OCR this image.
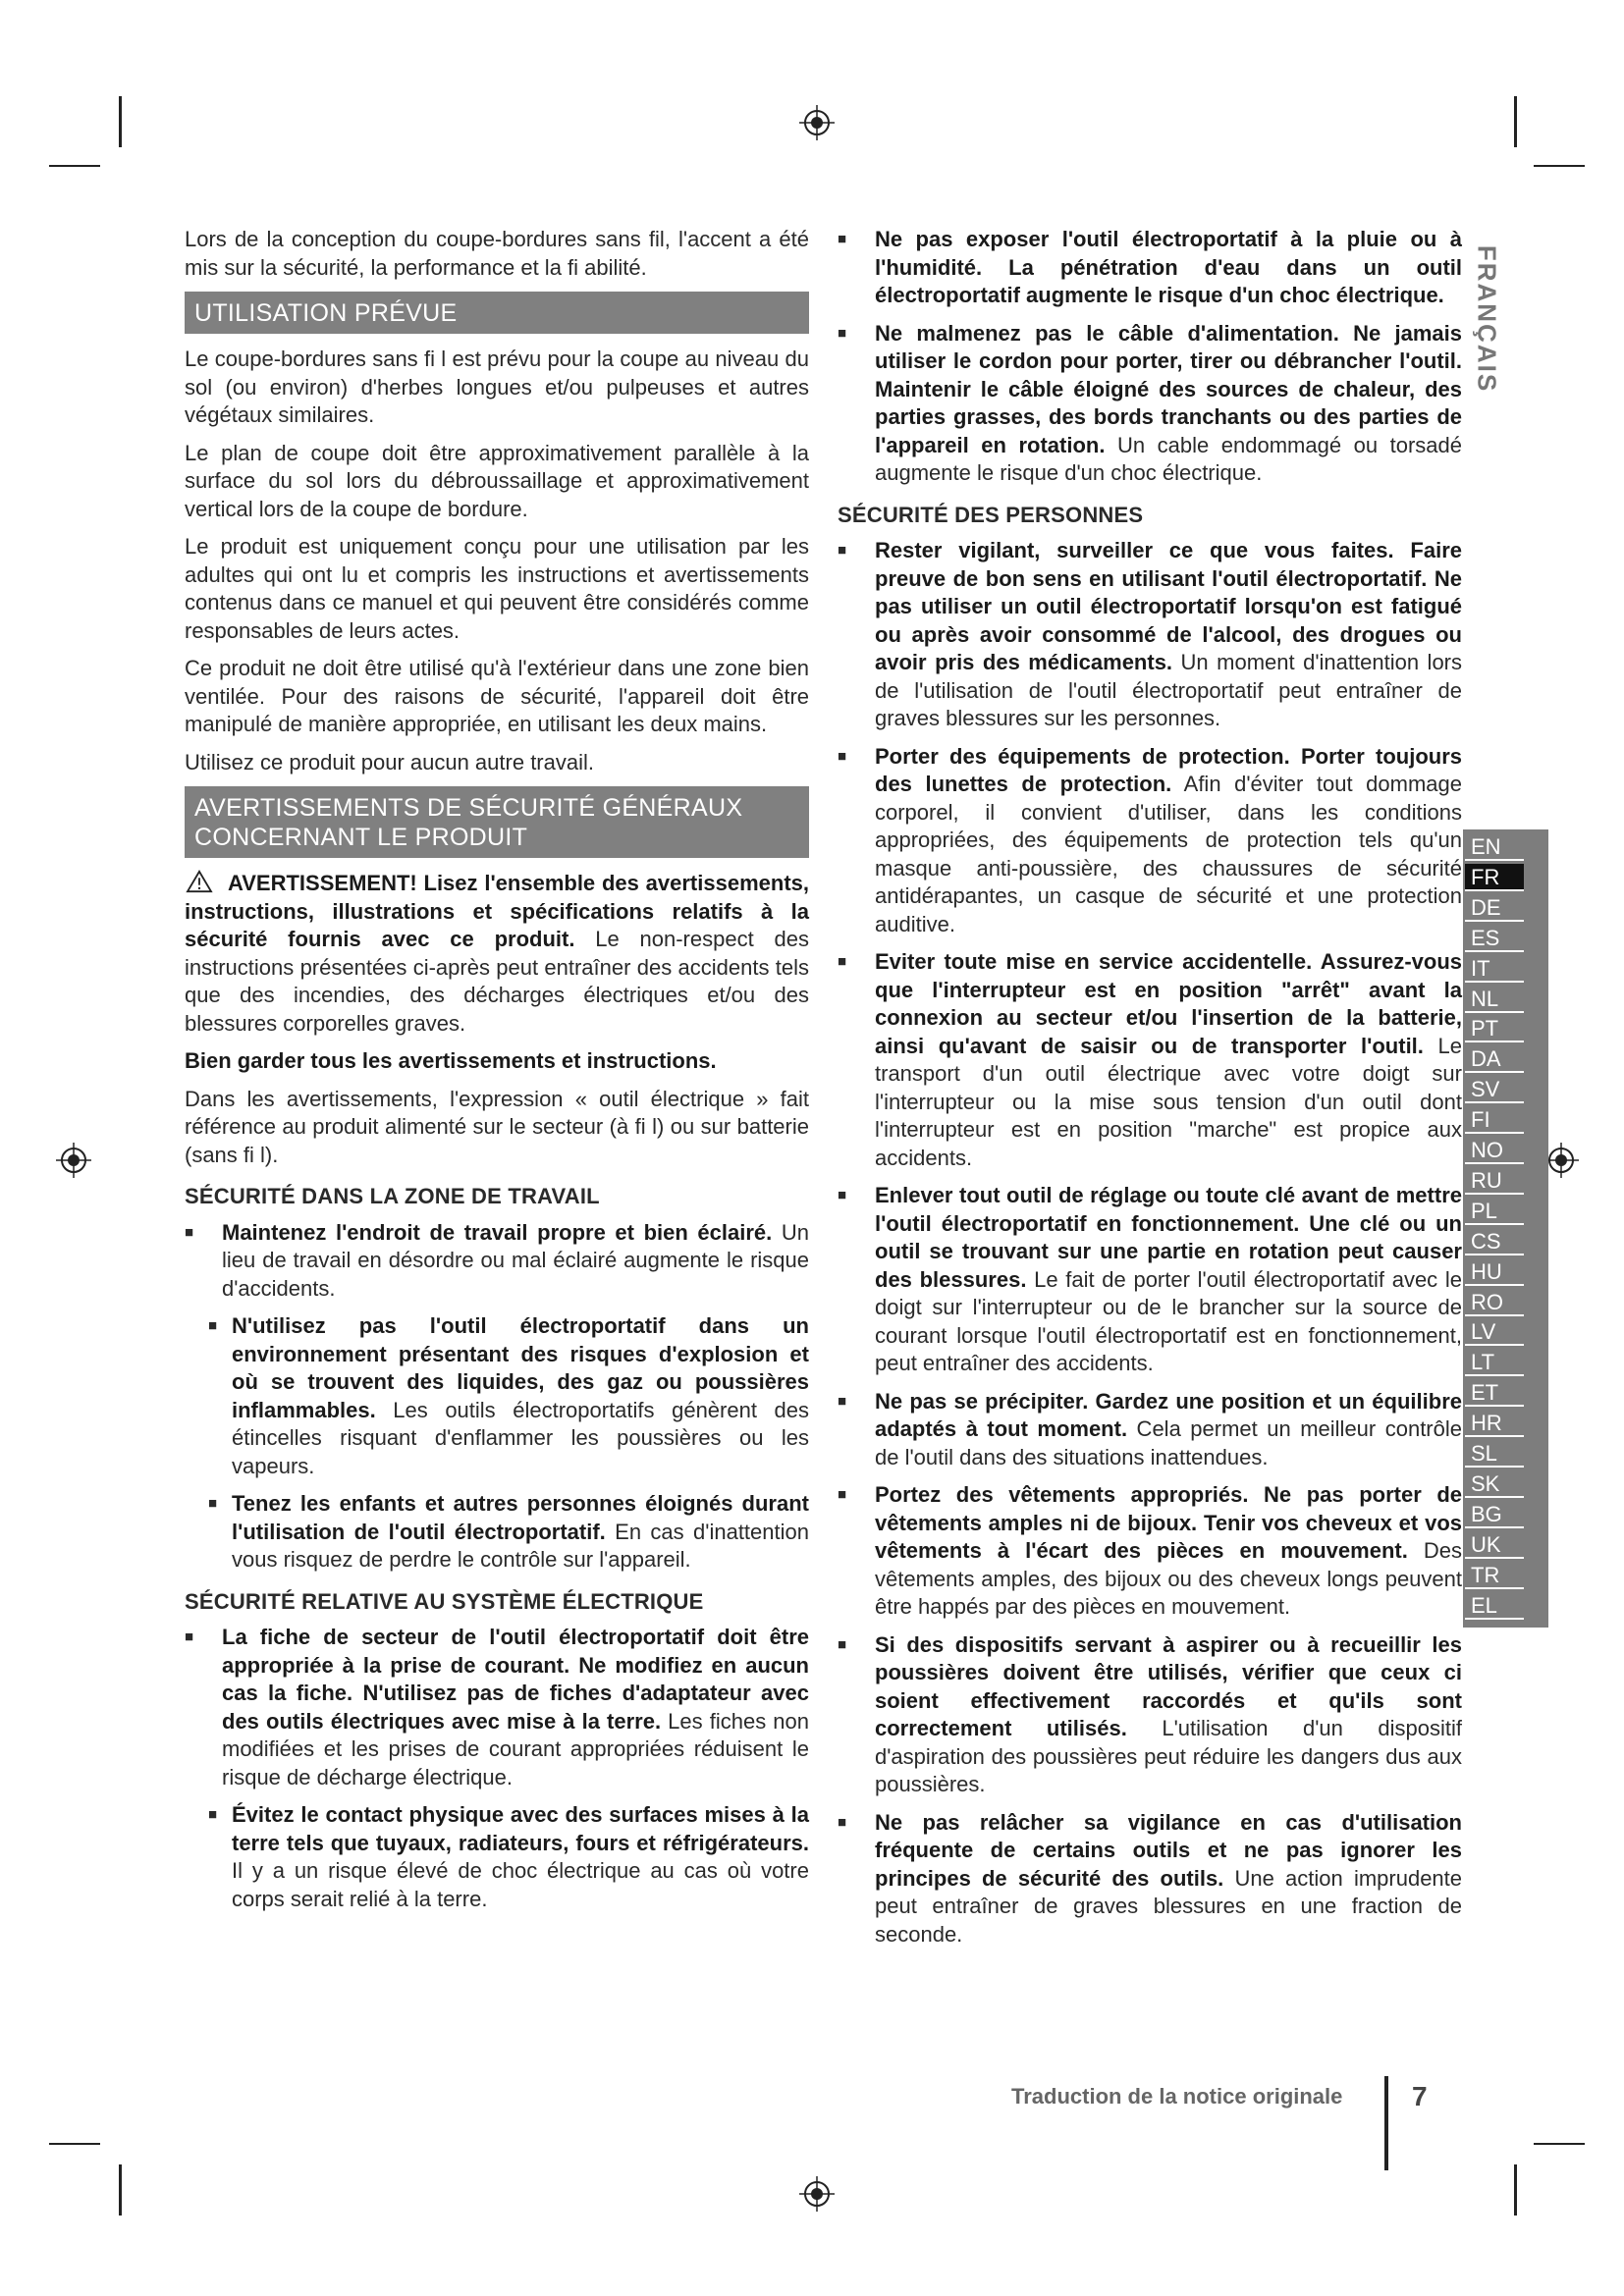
FRANÇAIS
EN
FR
DE
ES
IT
NL
PT
DA
SV
FI
NO
RU
PL
CS
HU
RO
LV
LT
ET
HR
SL
SK
BG
UK
TR
EL

Lors de la conception du coupe-bordures sans fil, l'accent a été mis sur la sécurité, la performance et la fi abilité.

UTILISATION PRÉVUE

Le coupe-bordures sans fi l est prévu pour la coupe au niveau du sol (ou environ) d'herbes longues et/ou pulpeuses et autres végétaux similaires.

Le plan de coupe doit être approximativement parallèle à la surface du sol lors du débroussaillage et approximativement vertical lors de la coupe de bordure.

Le produit est uniquement conçu pour une utilisation par les adultes qui ont lu et compris les instructions et avertissements contenus dans ce manuel et qui peuvent être considérés comme responsables de leurs actes.

Ce produit ne doit être utilisé qu'à l'extérieur dans une zone bien ventilée. Pour des raisons de sécurité, l'appareil doit être manipulé de manière appropriée, en utilisant les deux mains.

Utilisez ce produit pour aucun autre travail.

AVERTISSEMENTS DE SÉCURITÉ GÉNÉRAUX CONCERNANT LE PRODUIT
AVERTISSEMENT! Lisez l'ensemble des avertissements, instructions, illustrations et spécifications relatifs à la sécurité fournis avec ce produit. Le non-respect des instructions présentées ci-après peut entraîner des accidents tels que des incendies, des décharges électriques et/ou des blessures corporelles graves.

Bien garder tous les avertissements et instructions.

Dans les avertissements, l'expression « outil électrique » fait référence au produit alimenté sur le secteur (à fi l) ou sur batterie (sans fi l).

SÉCURITÉ DANS LA ZONE DE TRAVAIL
■	Maintenez l'endroit de travail propre et bien éclairé. Un lieu de travail en désordre ou mal éclairé augmente le risque d'accidents.
■ N'utilisez pas l'outil électroportatif dans un environnement présentant des risques d'explosion et où se trouvent des liquides, des gaz ou poussières inflammables. Les outils électroportatifs génèrent des étincelles risquant d'enflammer les poussières ou les vapeurs.
■ Tenez les enfants et autres personnes éloignés durant l'utilisation de l'outil électroportatif. En cas d'inattention vous risquez de perdre le contrôle sur l'appareil.
SÉCURITÉ RELATIVE AU SYSTÈME ÉLECTRIQUE
■	La fiche de secteur de l'outil électroportatif doit être appropriée à la prise de courant. Ne modifiez en aucun cas la fiche. N'utilisez pas de fiches d'adaptateur avec des outils électriques avec mise à la terre. Les fiches non modifiées et les prises de courant appropriées réduisent le risque de décharge électrique.
■ Évitez le contact physique avec des surfaces mises à la terre tels que tuyaux, radiateurs, fours et réfrigérateurs. Il y a un risque élevé de choc électrique au cas où votre corps serait relié à la terre.
■	Ne pas exposer l'outil électroportatif à la pluie ou à l'humidité. La pénétration d'eau dans un outil électroportatif augmente le risque d'un choc électrique.
■	Ne malmenez pas le câble d'alimentation. Ne jamais utiliser le cordon pour porter, tirer ou débrancher l'outil. Maintenir le câble éloigné des sources de chaleur, des parties grasses, des bords tranchants ou des parties de l'appareil en rotation. Un cable endommagé ou torsadé augmente le risque d'un choc électrique.
SÉCURITÉ DES PERSONNES
■	Rester vigilant, surveiller ce que vous faites. Faire preuve de bon sens en utilisant l'outil électroportatif. Ne pas utiliser un outil électroportatif lorsqu'on est fatigué ou après avoir consommé de l'alcool, des drogues ou avoir pris des médicaments. Un moment d'inattention lors de l'utilisation de l'outil électroportatif peut entraîner de graves blessures sur les personnes.
■	Porter des équipements de protection. Porter toujours des lunettes de protection. Afin d'éviter tout dommage corporel, il convient d'utiliser, dans les conditions appropriées, des équipements de protection tels qu'un masque anti-poussière, des chaussures de sécurité antidérapantes, un casque de sécurité et une protection auditive.
■	Eviter toute mise en service accidentelle. Assurez-vous que l'interrupteur est en position "arrêt" avant la connexion au secteur et/ou l'insertion de la batterie, ainsi qu'avant de saisir ou de transporter l'outil. Le transport d'un outil électrique avec votre doigt sur l'interrupteur ou la mise sous tension d'un outil dont l'interrupteur est en position "marche" est propice aux accidents.
■	Enlever tout outil de réglage ou toute clé avant de mettre l'outil électroportatif en fonctionnement. Une clé ou un outil se trouvant sur une partie en rotation peut causer des blessures. Le fait de porter l'outil électroportatif avec le doigt sur l'interrupteur ou de le brancher sur la source de courant lorsque l'outil électroportatif est en fonctionnement, peut entraîner des accidents.
■	Ne pas se précipiter. Gardez une position et un équilibre adaptés à tout moment. Cela permet un meilleur contrôle de l'outil dans des situations inattendues.
■	Portez des vêtements appropriés. Ne pas porter de vêtements amples ni de bijoux. Tenir vos cheveux et vos vêtements à l'écart des pièces en mouvement. Des vêtements amples, des bijoux ou des cheveux longs peuvent être happés par des pièces en mouvement.
■	Si des dispositifs servant à aspirer ou à recueillir les poussières doivent être utilisés, vérifier que ceux ci soient effectivement raccordés et qu'ils sont correctement utilisés. L'utilisation d'un dispositif d'aspiration des poussières peut réduire les dangers dus aux poussières.
■	Ne pas relâcher sa vigilance en cas d'utilisation fréquente de certains outils et ne pas ignorer les principes de sécurité des outils. Une action imprudente peut entraîner de graves blessures en une fraction de seconde.
Traduction de la notice originale	7
